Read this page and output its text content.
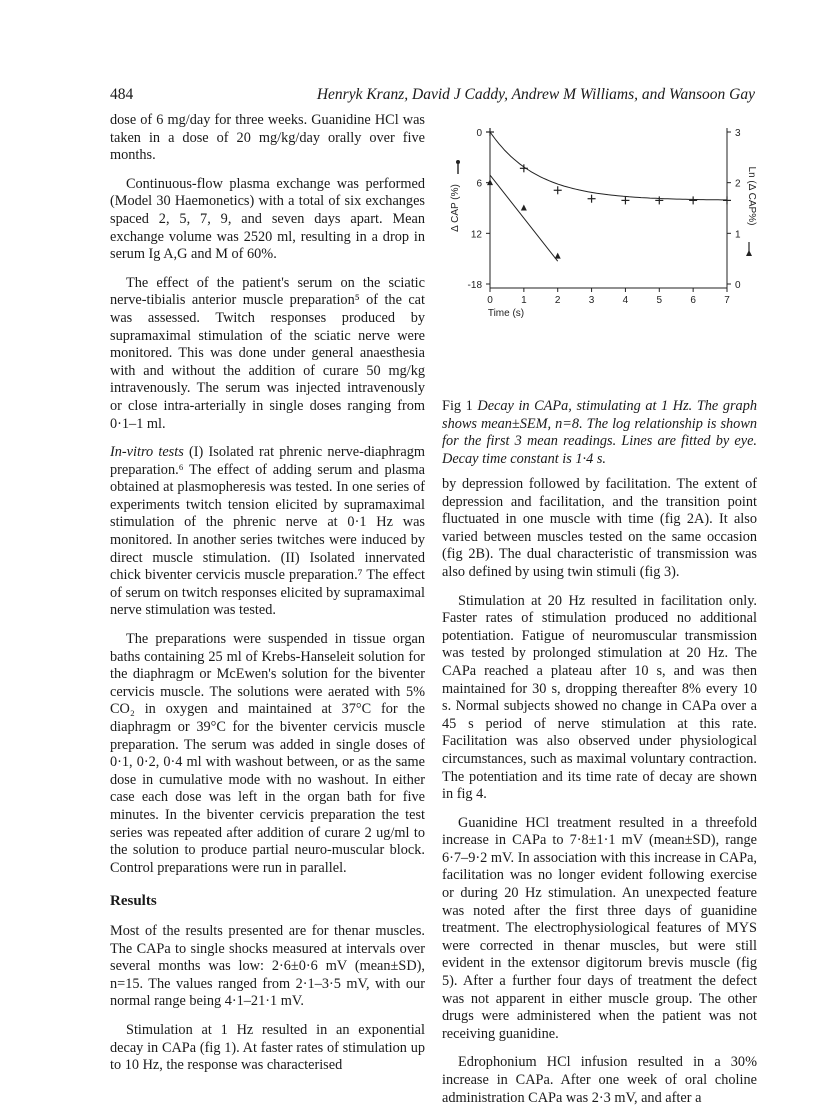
484	Henryk Kranz, David J Caddy, Andrew M Williams, and Wansoon Gay

dose of 6 mg/day for three weeks. Guanidine HCl was taken in a dose of 20 mg/kg/day orally over five months.

Continuous-flow plasma exchange was performed (Model 30 Haemonetics) with a total of six exchanges spaced 2, 5, 7, 9, and seven days apart. Mean exchange volume was 2520 ml, resulting in a drop in serum Ig A,G and M of 60%.

The effect of the patient's serum on the sciatic nerve-tibialis anterior muscle preparation⁵ of the cat was assessed. Twitch responses produced by supramaximal stimulation of the sciatic nerve were monitored. This was done under general anaesthesia with and without the addition of curare 50 mg/kg intravenously. The serum was injected intravenously or close intra-arterially in single doses ranging from 0·1–1 ml.

In-vitro tests (I) Isolated rat phrenic nerve-diaphragm preparation.⁶ The effect of adding serum and plasma obtained at plasmopheresis was tested. In one series of experiments twitch tension elicited by supramaximal stimulation of the phrenic nerve at 0·1 Hz was monitored. In another series twitches were induced by direct muscle stimulation. (II) Isolated innervated chick biventer cervicis muscle preparation.⁷ The effect of serum on twitch responses elicited by supramaximal nerve stimulation was tested.

The preparations were suspended in tissue organ baths containing 25 ml of Krebs-Hanseleit solution for the diaphragm or McEwen's solution for the biventer cervicis muscle. The solutions were aerated with 5% CO₂ in oxygen and maintained at 37°C for the diaphragm or 39°C for the biventer cervicis muscle preparation. The serum was added in single doses of 0·1, 0·2, 0·4 ml with washout between, or as the same dose in cumulative mode with no washout. In either case each dose was left in the organ bath for five minutes. In the biventer cervicis preparation the test series was repeated after addition of curare 2 ug/ml to the solution to produce partial neuro-muscular block. Control preparations were run in parallel.

Results

Most of the results presented are for thenar muscles. The CAPa to single shocks measured at intervals over several months was low: 2·6±0·6 mV (mean±SD), n=15. The values ranged from 2·1–3·5 mV, with our normal range being 4·1–21·1 mV.

Stimulation at 1 Hz resulted in an exponential decay in CAPa (fig 1). At faster rates of stimulation up to 10 Hz, the response was characterised

0	1	2	3	4	5	6	7
Time (s)
0
6
12
-18
Δ CAP (%)
3
2
1
0
Ln (Δ CAP%)
Fig 1 Decay in CAPa, stimulating at 1 Hz. The graph shows mean±SEM, n=8. The log relationship is shown for the first 3 mean readings. Lines are fitted by eye. Decay time constant is 1·4 s.

by depression followed by facilitation. The extent of depression and facilitation, and the transition point fluctuated in one muscle with time (fig 2A). It also varied between muscles tested on the same occasion (fig 2B). The dual characteristic of transmission was also defined by using twin stimuli (fig 3).

Stimulation at 20 Hz resulted in facilitation only. Faster rates of stimulation produced no additional potentiation. Fatigue of neuromuscular transmission was tested by prolonged stimulation at 20 Hz. The CAPa reached a plateau after 10 s, and was then maintained for 30 s, dropping thereafter 8% every 10 s. Normal subjects showed no change in CAPa over a 45 s period of nerve stimulation at this rate. Facilitation was also observed under physiological circumstances, such as maximal voluntary contraction. The potentiation and its time rate of decay are shown in fig 4.

Guanidine HCl treatment resulted in a threefold increase in CAPa to 7·8±1·1 mV (mean±SD), range 6·7–9·2 mV. In association with this increase in CAPa, facilitation was no longer evident following exercise or during 20 Hz stimulation. An unexpected feature was noted after the first three days of guanidine treatment. The electrophysiological features of MYS were corrected in thenar muscles, but were still evident in the extensor digitorum brevis muscle (fig 5). After a further four days of treatment the defect was not apparent in either muscle group. The other drugs were administered when the patient was not receiving guanidine.

Edrophonium HCl infusion resulted in a 30% increase in CAPa. After one week of oral choline administration CAPa was 2·3 mV, and after a
